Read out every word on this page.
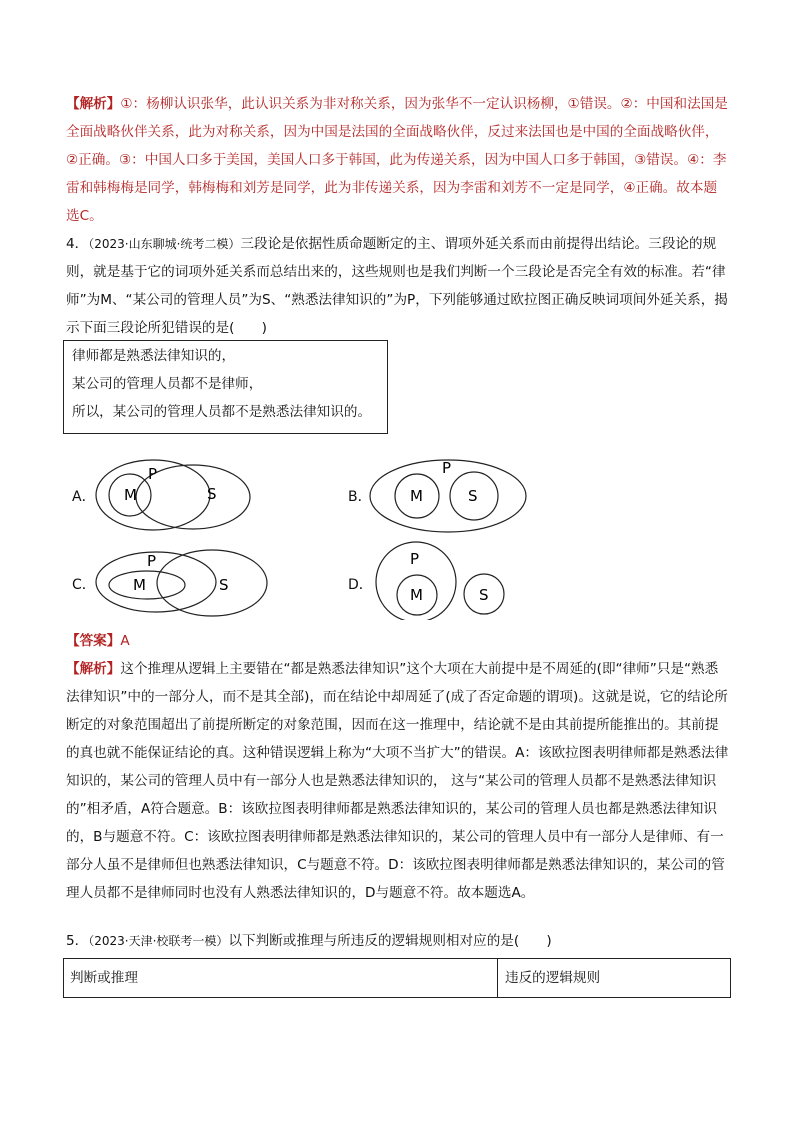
【解析】①：杨柳认识张华，此认识关系为非对称关系，因为张华不一定认识杨柳，①错误。②：中国和法国是全面战略伙伴关系，此为对称关系，因为中国是法国的全面战略伙伴，反过来法国也是中国的全面战略伙伴，②正确。③：中国人口多于美国，美国人口多于韩国，此为传递关系，因为中国人口多于韩国，③错误。④：李雷和韩梅梅是同学，韩梅梅和刘芳是同学，此为非传递关系，因为李雷和刘芳不一定是同学，④正确。故本题选C。
4．（2023·山东聊城·统考二模）三段论是依据性质命题断定的主、谓项外延关系而由前提得出结论。三段论的规则，就是基于它的词项外延关系而总结出来的，这些规则也是我们判断一个三段论是否完全有效的标准。若“律师”为M、“某公司的管理人员”为S、“熟悉法律知识的”为P，下列能够通过欧拉图正确反映词项间外延关系，揭示下面三段论所犯错误的是(　　)
律师都是熟悉法律知识的，
某公司的管理人员都不是律师，
所以，某公司的管理人员都不是熟悉法律知识的。
A．
P
M	S	B．
P
M	S
C．
P
M	S	D．
P
M	S
【答案】A
【解析】这个推理从逻辑上主要错在“都是熟悉法律知识”这个大项在大前提中是不周延的(即“律师”只是“熟悉法律知识”中的一部分人，而不是其全部)，而在结论中却周延了(成了否定命题的谓项)。这就是说，它的结论所断定的对象范围超出了前提所断定的对象范围，因而在这一推理中，结论就不是由其前提所能推出的。其前提的真也就不能保证结论的真。这种错误逻辑上称为“大项不当扩大”的错误。A：该欧拉图表明律师都是熟悉法律知识的，某公司的管理人员中有一部分人也是熟悉法律知识的， 这与“某公司的管理人员都不是熟悉法律知识的”相矛盾，A符合题意。B：该欧拉图表明律师都是熟悉法律知识的，某公司的管理人员也都是熟悉法律知识的，B与题意不符。C：该欧拉图表明律师都是熟悉法律知识的，某公司的管理人员中有一部分人是律师、有一部分人虽不是律师但也熟悉法律知识，C与题意不符。D：该欧拉图表明律师都是熟悉法律知识的，某公司的管理人员都不是律师同时也没有人熟悉法律知识的，D与题意不符。故本题选A。
5．（2023·天津·校联考一模）以下判断或推理与所违反的逻辑规则相对应的是(　　)
判断或推理	违反的逻辑规则
